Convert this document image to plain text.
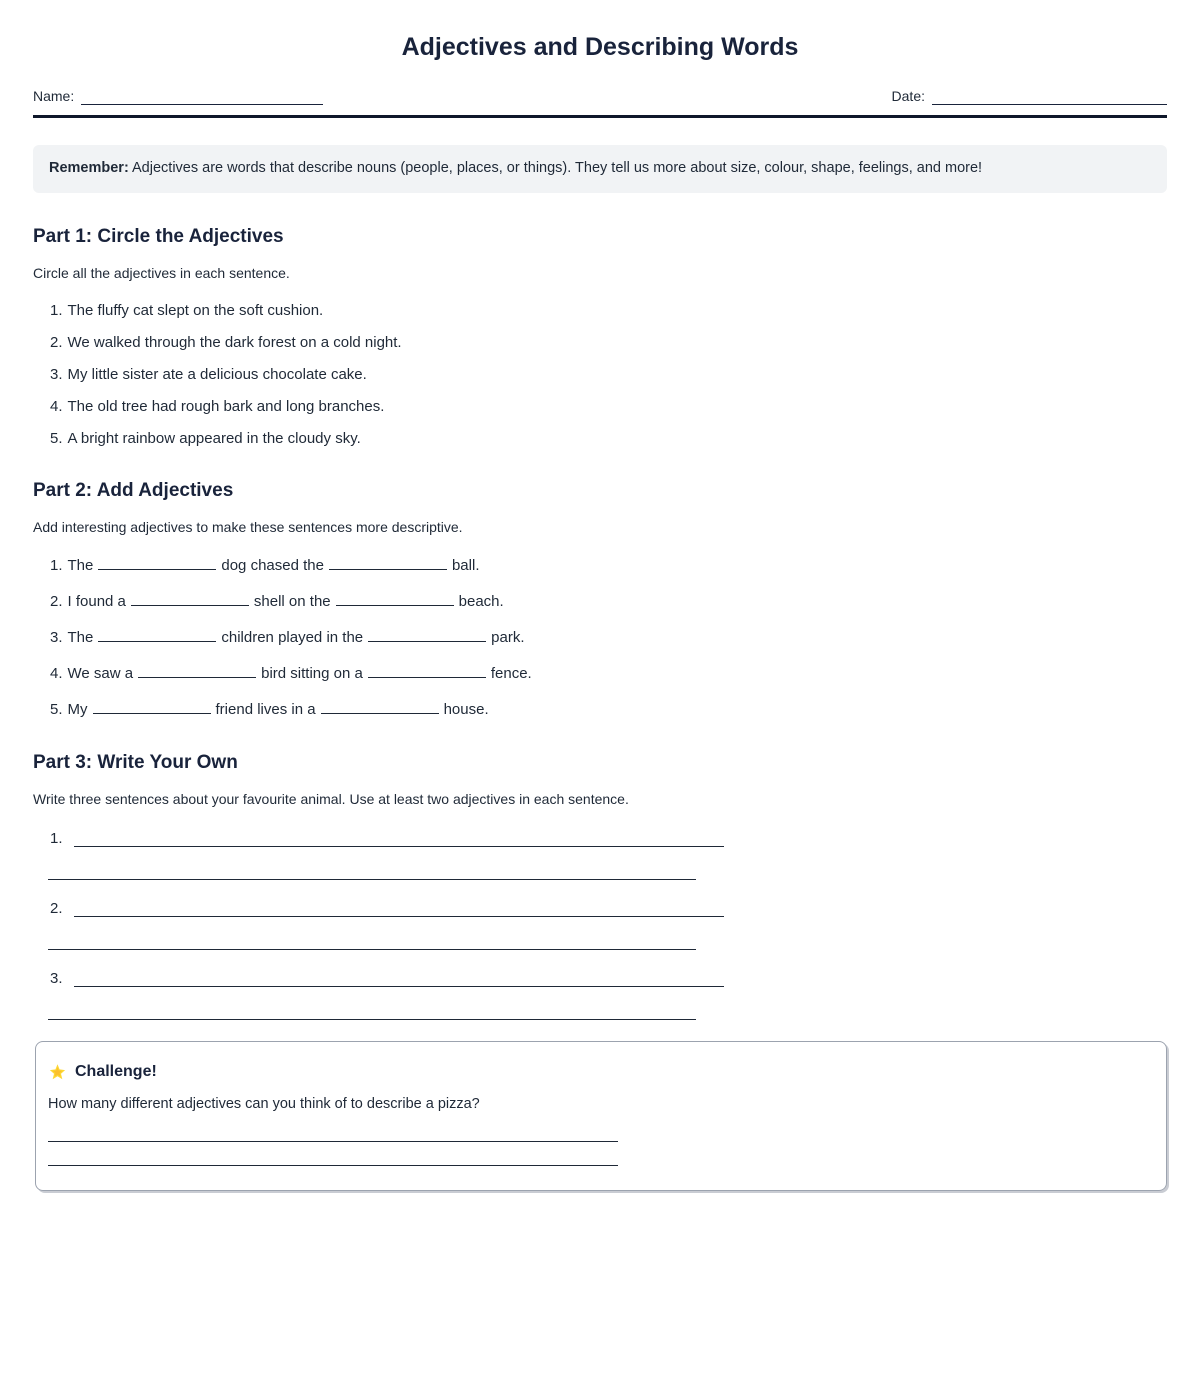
Adjectives and Describing Words
Name:	Date:
Remember: Adjectives are words that describe nouns (people, places, or things). They tell us more about size, colour, shape, feelings, and more!
Part 1: Circle the Adjectives

Circle all the adjectives in each sentence.

1. The fluffy cat slept on the soft cushion.
2. We walked through the dark forest on a cold night.
3. My little sister ate a delicious chocolate cake.
4. The old tree had rough bark and long branches.
5. A bright rainbow appeared in the cloudy sky.
Part 2: Add Adjectives

Add interesting adjectives to make these sentences more descriptive.

1. The	dog chased the	ball.
2. I found a	shell on the	beach.
3. The	children played in the	park.
4. We saw a	bird sitting on a	fence.
5. My	friend lives in a	house.
Part 3: Write Your Own

Write three sentences about your favourite animal. Use at least two adjectives in each sentence.

1.
2.
3.
Challenge!

How many different adjectives can you think of to describe a pizza?
